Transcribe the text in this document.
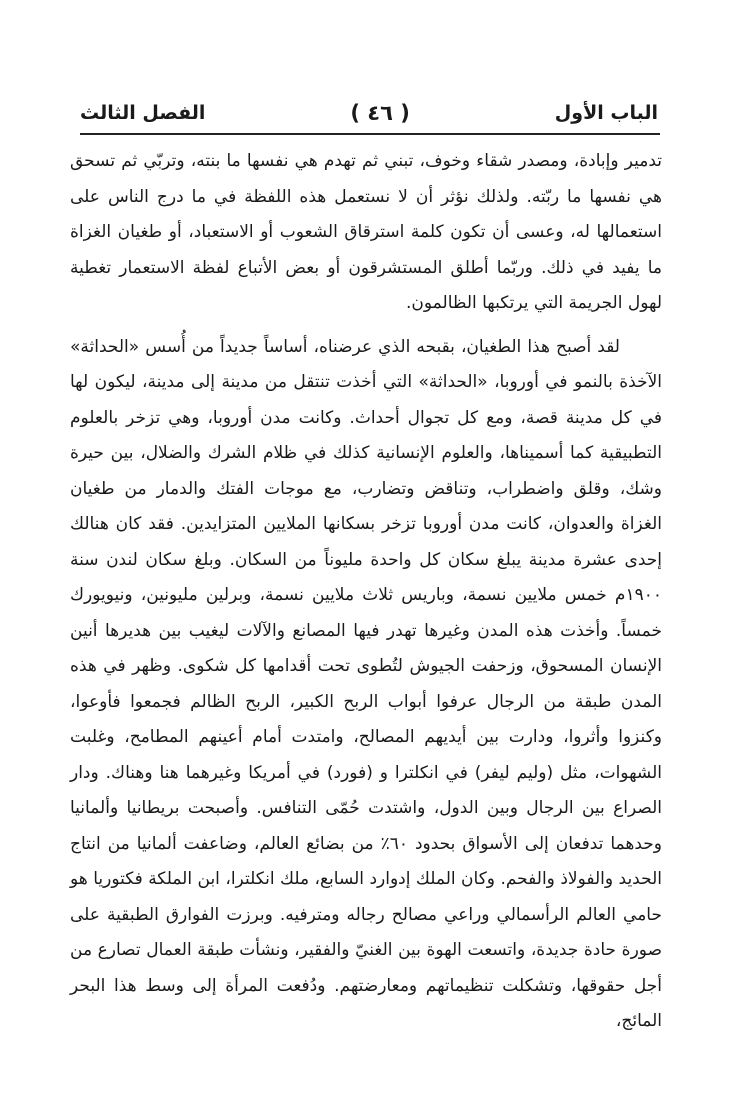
الباب الأول
( ٤٦ )
الفصل الثالث

تدمير وإبادة، ومصدر شقاء وخوف، تبني ثم تهدم هي نفسها ما بنته، وتربّي ثم تسحق هي نفسها ما ربّته. ولذلك نؤثر أن لا نستعمل هذه اللفظة في ما درج الناس على استعمالها له، وعسى أن تكون كلمة استرقاق الشعوب أو الاستعباد، أو طغيان الغزاة ما يفيد في ذلك. وربّما أطلق المستشرقون أو بعض الأتباع لفظة الاستعمار تغطية لهول الجريمة التي يرتكبها الظالمون.

لقد أصبح هذا الطغيان، بقبحه الذي عرضناه، أساساً جديداً من أُسس «الحداثة» الآخذة بالنمو في أوروبا، «الحداثة» التي أخذت تنتقل من مدينة إلى مدينة، ليكون لها في كل مدينة قصة، ومع كل تجوال أحداث. وكانت مدن أوروبا، وهي تزخر بالعلوم التطبيقية كما أسميناها، والعلوم الإنسانية كذلك في ظلام الشرك والضلال، بين حيرة وشك، وقلق واضطراب، وتناقض وتضارب، مع موجات الفتك والدمار من طغيان الغزاة والعدوان، كانت مدن أوروبا تزخر بسكانها الملايين المتزايدين. فقد كان هنالك إحدى عشرة مدينة يبلغ سكان كل واحدة مليوناً من السكان. وبلغ سكان لندن سنة ١٩٠٠م خمس ملايين نسمة، وباريس ثلاث ملايين نسمة، وبرلين مليونين، ونيويورك خمساً. وأخذت هذه المدن وغيرها تهدر فيها المصانع والآلات ليغيب بين هديرها أنين الإنسان المسحوق، وزحفت الجيوش لتُطوى تحت أقدامها كل شكوى. وظهر في هذه المدن طبقة من الرجال عرفوا أبواب الربح الكبير، الربح الظالم فجمعوا فأوعوا، وكنزوا وأثروا، ودارت بين أيديهم المصالح، وامتدت أمام أعينهم المطامح، وغلبت الشهوات، مثل (وليم ليفر) في انكلترا و (فورد) في أمريكا وغيرهما هنا وهناك. ودار الصراع بين الرجال وبين الدول، واشتدت حُمّى التنافس. وأصبحت بريطانيا وألمانيا وحدهما تدفعان إلى الأسواق بحدود ٦٠٪ من بضائع العالم، وضاعفت ألمانيا من انتاج الحديد والفولاذ والفحم. وكان الملك إدوارد السابع، ملك انكلترا، ابن الملكة فكتوريا هو حامي العالم الرأسمالي وراعي مصالح رجاله ومترفيه. وبرزت الفوارق الطبقية على صورة حادة جديدة، واتسعت الهوة بين الغنيّ والفقير، ونشأت طبقة العمال تصارع من أجل حقوقها، وتشكلت تنظيماتهم ومعارضتهم. ودُفعت المرأة إلى وسط هذا البحر المائج،
